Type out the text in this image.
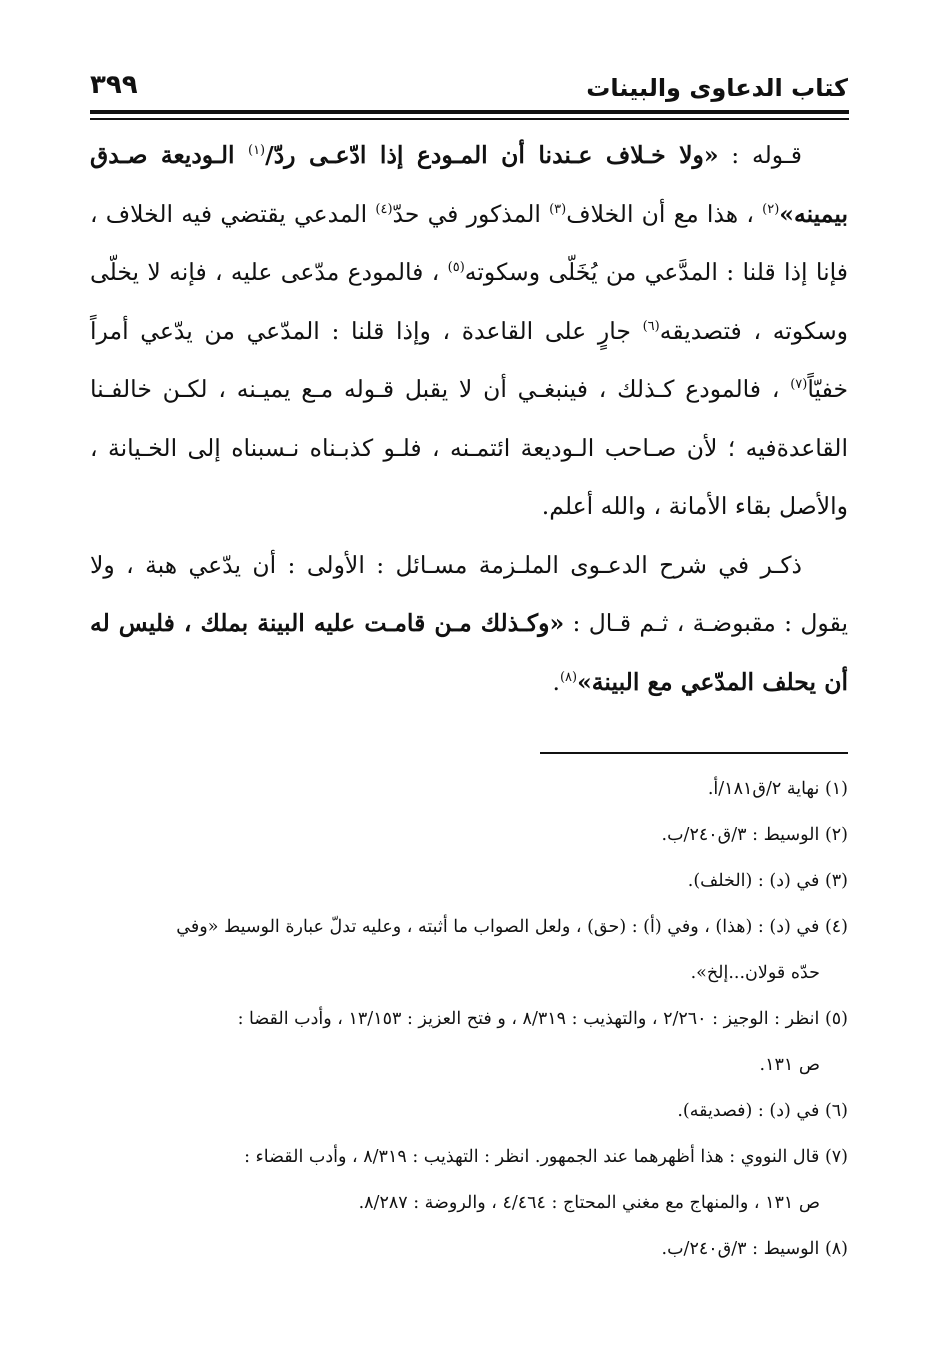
كتاب الدعاوى والبينات
٣٩٩

قـوله : «ولا خـلاف عـندنا أن المـودع إذا ادّعـى ردّ/$^{(١)}$ الـوديعة صـدق بيمينه»$^{(٢)}$ ، هذا مع أن الخلاف$^{(٣)}$ المذكور في حدّ$^{(٤)}$ المدعي يقتضي فيه الخلاف ، فإنا إذا قلنا : المدَّعي من يُخَلّى وسكوته$^{(٥)}$ ، فالمودع مدّعى عليه ، فإنه لا يخلّى وسكوته ، فتصديقه$^{(٦)}$ جارٍ على القاعدة ، وإذا قلنا : المدّعي من يدّعي أمراً خفيّاً$^{(٧)}$ ، فالمودع كـذلك ، فينبغـي أن لا يقبل قـوله مـع يميـنه ، لكـن خالفـنا القاعدةفيه ؛ لأن صـاحب الـوديعة ائتمـنه ، فلـو كذبـناه نـسبناه إلى الخـيانة ، والأصل بقاء الأمانة ، والله أعلم.

ذكـر في شرح الدعـوى الملـزمة مسـائل : الأولى : أن يدّعي هبة ، ولا يقول : مقبوضـة ، ثـم قـال : «وكـذلك مـن قامـت عليه البينة بملك ، فليس له أن يحلف المدّعي مع البينة»$^{(٨)}$.

(١) نهاية ٢/ق١٨١/أ.
(٢) الوسيط : ٣/ق٢٤٠/ب.
(٣) في (د) : (الخلف).
(٤) في (د) : (هذا) ، وفي (أ) : (حق) ، ولعل الصواب ما أثبته ، وعليه تدلّ عبارة الوسيط «وفي
حدّه قولان...إلخ».
(٥) انظر : الوجيز : ٢/٢٦٠ ، والتهذيب : ٨/٣١٩ ، و فتح العزيز : ١٣/١٥٣ ، وأدب القضا :
ص ١٣١.
(٦) في (د) : (فصديقه).
(٧) قال النووي : هذا أظهرهما عند الجمهور. انظر : التهذيب : ٨/٣١٩ ، وأدب القضاء :
ص ١٣١ ، والمنهاج مع مغني المحتاج : ٤/٤٦٤ ، والروضة : ٨/٢٨٧.
(٨) الوسيط : ٣/ق٢٤٠/ب.
